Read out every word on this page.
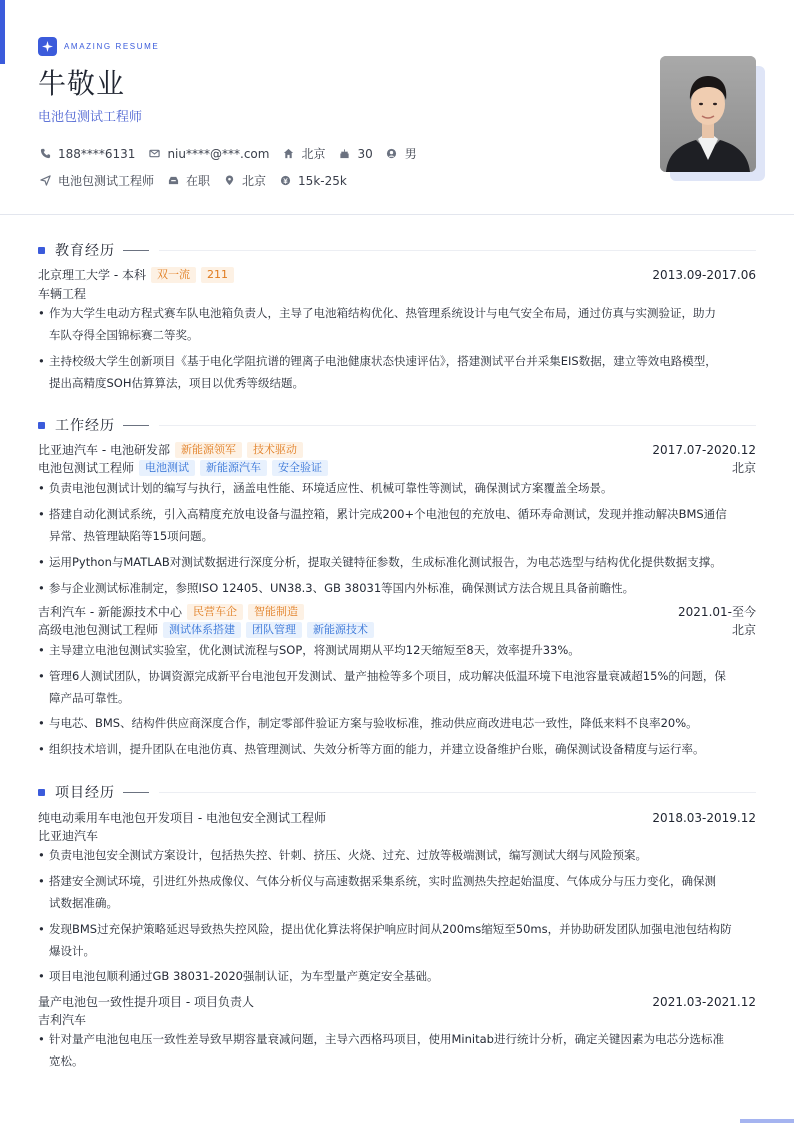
AMAZING RESUME
牛敬业
电池包测试工程师
188****6131	niu****@***.com	北京	30	男
电池包测试工程师	在职	北京	15k-25k
教育经历
北京理工大学 - 本科	双一流	211	2013.09-2017.06
车辆工程
• 作为大学生电动方程式赛车队电池箱负责人，主导了电池箱结构优化、热管理系统设计与电气安全布局，通过仿真与实测验证，助力
车队夺得全国锦标赛二等奖。
• 主持校级大学生创新项目《基于电化学阻抗谱的锂离子电池健康状态快速评估》，搭建测试平台并采集EIS数据，建立等效电路模型，
提出高精度SOH估算算法，项目以优秀等级结题。
工作经历
比亚迪汽车 - 电池研发部	新能源领军	技术驱动	2017.07-2020.12
电池包测试工程师	电池测试	新能源汽车	安全验证	北京
• 负责电池包测试计划的编写与执行，涵盖电性能、环境适应性、机械可靠性等测试，确保测试方案覆盖全场景。
• 搭建自动化测试系统，引入高精度充放电设备与温控箱，累计完成200+个电池包的充放电、循环寿命测试，发现并推动解决BMS通信
异常、热管理缺陷等15项问题。
• 运用Python与MATLAB对测试数据进行深度分析，提取关键特征参数，生成标准化测试报告，为电芯选型与结构优化提供数据支撑。
• 参与企业测试标准制定，参照ISO 12405、UN38.3、GB 38031等国内外标准，确保测试方法合规且具备前瞻性。
吉利汽车 - 新能源技术中心	民营车企	智能制造	2021.01-至今
高级电池包测试工程师	测试体系搭建	团队管理	新能源技术	北京
• 主导建立电池包测试实验室，优化测试流程与SOP，将测试周期从平均12天缩短至8天，效率提升33%。
• 管理6人测试团队，协调资源完成新平台电池包开发测试、量产抽检等多个项目，成功解决低温环境下电池容量衰减超15%的问题，保
障产品可靠性。
• 与电芯、BMS、结构件供应商深度合作，制定零部件验证方案与验收标准，推动供应商改进电芯一致性，降低来料不良率20%。
• 组织技术培训，提升团队在电池仿真、热管理测试、失效分析等方面的能力，并建立设备维护台账，确保测试设备精度与运行率。
项目经历
纯电动乘用车电池包开发项目 - 电池包安全测试工程师	2018.03-2019.12
比亚迪汽车
• 负责电池包安全测试方案设计，包括热失控、针刺、挤压、火烧、过充、过放等极端测试，编写测试大纲与风险预案。
• 搭建安全测试环境，引进红外热成像仪、气体分析仪与高速数据采集系统，实时监测热失控起始温度、气体成分与压力变化，确保测
试数据准确。
• 发现BMS过充保护策略延迟导致热失控风险，提出优化算法将保护响应时间从200ms缩短至50ms，并协助研发团队加强电池包结构防
爆设计。
• 项目电池包顺利通过GB 38031-2020强制认证，为车型量产奠定安全基础。
量产电池包一致性提升项目 - 项目负责人	2021.03-2021.12
吉利汽车
• 针对量产电池包电压一致性差导致早期容量衰减问题，主导六西格玛项目，使用Minitab进行统计分析，确定关键因素为电芯分选标准
宽松。
